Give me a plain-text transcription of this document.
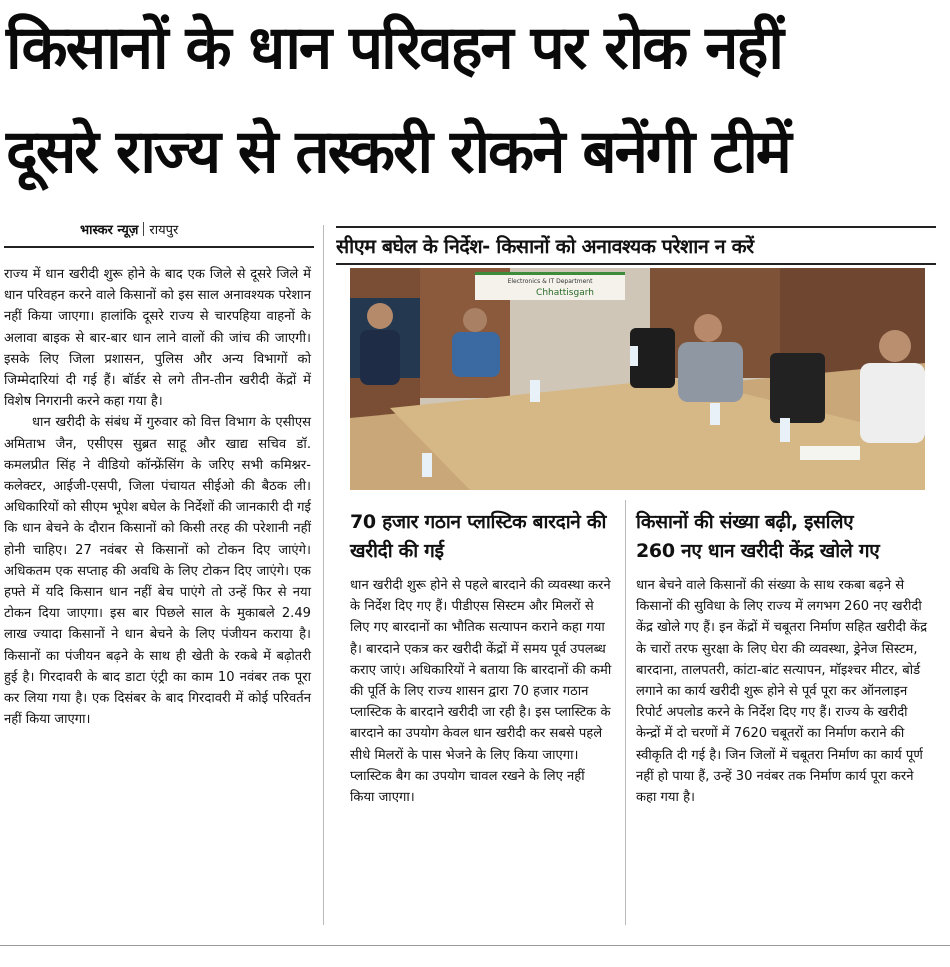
किसानों के धान परिवहन पर रोक नहीं
दूसरे राज्य से तस्करी रोकने बनेंगी टीमें
भास्कर न्यूज़ रायपुर

राज्य में धान खरीदी शुरू होने के बाद एक जिले से दूसरे जिले में धान परिवहन करने वाले किसानों को इस साल अनावश्यक परेशान नहीं किया जाएगा। हालांकि दूसरे राज्य से चारपहिया वाहनों के अलावा बाइक से बार-बार धान लाने वालों की जांच की जाएगी। इसके लिए जिला प्रशासन, पुलिस और अन्य विभागों को जिम्मेदारियां दी गई हैं। बॉर्डर से लगे तीन-तीन खरीदी केंद्रों में विशेष निगरानी करने कहा गया है।

धान खरीदी के संबंध में गुरुवार को वित्त विभाग के एसीएस अमिताभ जैन, एसीएस सुब्रत साहू और खाद्य सचिव डॉ. कमलप्रीत सिंह ने वीडियो कॉन्फ्रेंसिंग के जरिए सभी कमिश्नर-कलेक्टर, आईजी-एसपी, जिला पंचायत सीईओ की बैठक ली। अधिकारियों को सीएम भूपेश बघेल के निर्देशों की जानकारी दी गई कि धान बेचने के दौरान किसानों को किसी तरह की परेशानी नहीं होनी चाहिए। 27 नवंबर से किसानों को टोकन दिए जाएंगे। अधिकतम एक सप्ताह की अवधि के लिए टोकन दिए जाएंगे। एक हफ्ते में यदि किसान धान नहीं बेच पाएंगे तो उन्हें फिर से नया टोकन दिया जाएगा। इस बार पिछले साल के मुकाबले 2.49 लाख ज्यादा किसानों ने धान बेचने के लिए पंजीयन कराया है। किसानों का पंजीयन बढ़ने के साथ ही खेती के रकबे में बढ़ोतरी हुई है। गिरदावरी के बाद डाटा एंट्री का काम 10 नवंबर तक पूरा कर लिया गया है। एक दिसंबर के बाद गिरदावरी में कोई परिवर्तन नहीं किया जाएगा।

सीएम बघेल के निर्देश- किसानों को अनावश्यक परेशान न करें
Electronics & IT Department
Chhattisgarh
70 हजार गठान प्लास्टिक बारदाने की खरीदी की गई

धान खरीदी शुरू होने से पहले बारदाने की व्यवस्था करने के निर्देश दिए गए हैं। पीडीएस सिस्टम और मिलरों से लिए गए बारदानों का भौतिक सत्यापन कराने कहा गया है। बारदाने एकत्र कर खरीदी केंद्रों में समय पूर्व उपलब्ध कराए जाएं। अधिकारियों ने बताया कि बारदानों की कमी की पूर्ति के लिए राज्य शासन द्वारा 70 हजार गठान प्लास्टिक के बारदाने खरीदी जा रही है। इस प्लास्टिक के बारदाने का उपयोग केवल धान खरीदी कर सबसे पहले सीधे मिलरों के पास भेजने के लिए किया जाएगा। प्लास्टिक बैग का उपयोग चावल रखने के लिए नहीं किया जाएगा।

किसानों की संख्या बढ़ी, इसलिए
260 नए धान खरीदी केंद्र खोले गए

धान बेचने वाले किसानों की संख्या के साथ रकबा बढ़ने से किसानों की सुविधा के लिए राज्य में लगभग 260 नए खरीदी केंद्र खोले गए हैं। इन केंद्रों में चबूतरा निर्माण सहित खरीदी केंद्र के चारों तरफ सुरक्षा के लिए घेरा की व्यवस्था, ड्रेनेज सिस्टम, बारदाना, तालपतरी, कांटा-बांट सत्यापन, मॉइश्चर मीटर, बोर्ड लगाने का कार्य खरीदी शुरू होने से पूर्व पूरा कर ऑनलाइन रिपोर्ट अपलोड करने के निर्देश दिए गए हैं। राज्य के खरीदी केन्द्रों में दो चरणों में 7620 चबूतरों का निर्माण कराने की स्वीकृति दी गई है। जिन जिलों में चबूतरा निर्माण का कार्य पूर्ण नहीं हो पाया हैं, उन्हें 30 नवंबर तक निर्माण कार्य पूरा करने कहा गया है।
